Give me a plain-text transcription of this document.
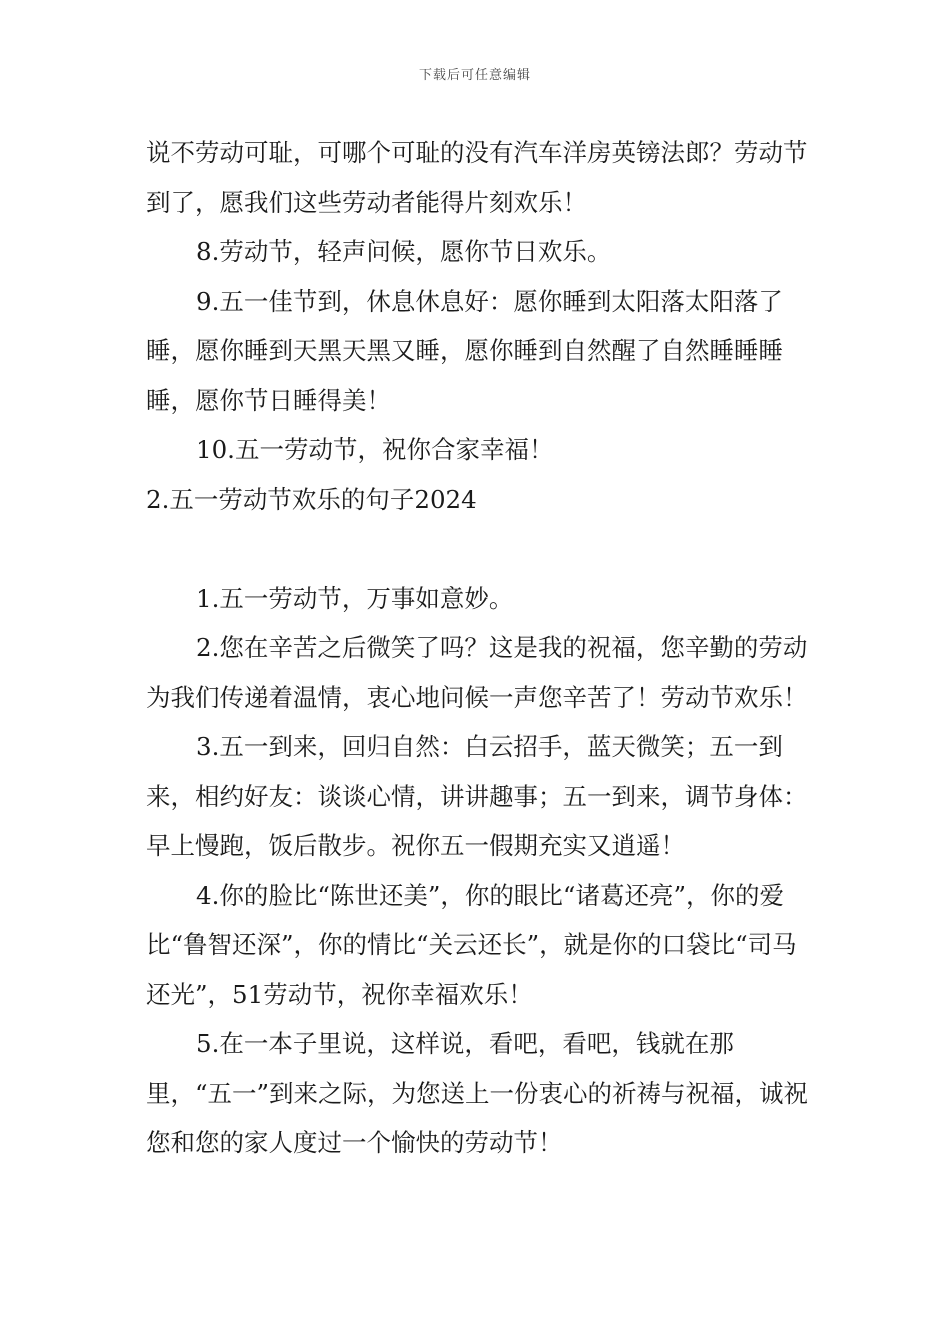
下载后可任意编辑

说不劳动可耻，可哪个可耻的没有汽车洋房英镑法郎？劳动节到了，愿我们这些劳动者能得片刻欢乐！

8.劳动节，轻声问候，愿你节日欢乐。

9.五一佳节到，休息休息好：愿你睡到太阳落太阳落了睡，愿你睡到天黑天黑又睡，愿你睡到自然醒了自然睡睡睡睡，愿你节日睡得美！

10.五一劳动节，祝你合家幸福！

2.五一劳动节欢乐的句子2024

1.五一劳动节，万事如意妙。

2.您在辛苦之后微笑了吗？这是我的祝福，您辛勤的劳动为我们传递着温情，衷心地问候一声您辛苦了！劳动节欢乐！

3.五一到来，回归自然：白云招手，蓝天微笑；五一到来，相约好友：谈谈心情，讲讲趣事；五一到来，调节身体：早上慢跑，饭后散步。祝你五一假期充实又逍遥！

4.你的脸比“陈世还美”，你的眼比“诸葛还亮”，你的爱比“鲁智还深”，你的情比“关云还长”，就是你的口袋比“司马还光”，51劳动节，祝你幸福欢乐！

5.在一本子里说，这样说，看吧，看吧，钱就在那里，“五一”到来之际，为您送上一份衷心的祈祷与祝福，诚祝您和您的家人度过一个愉快的劳动节！
